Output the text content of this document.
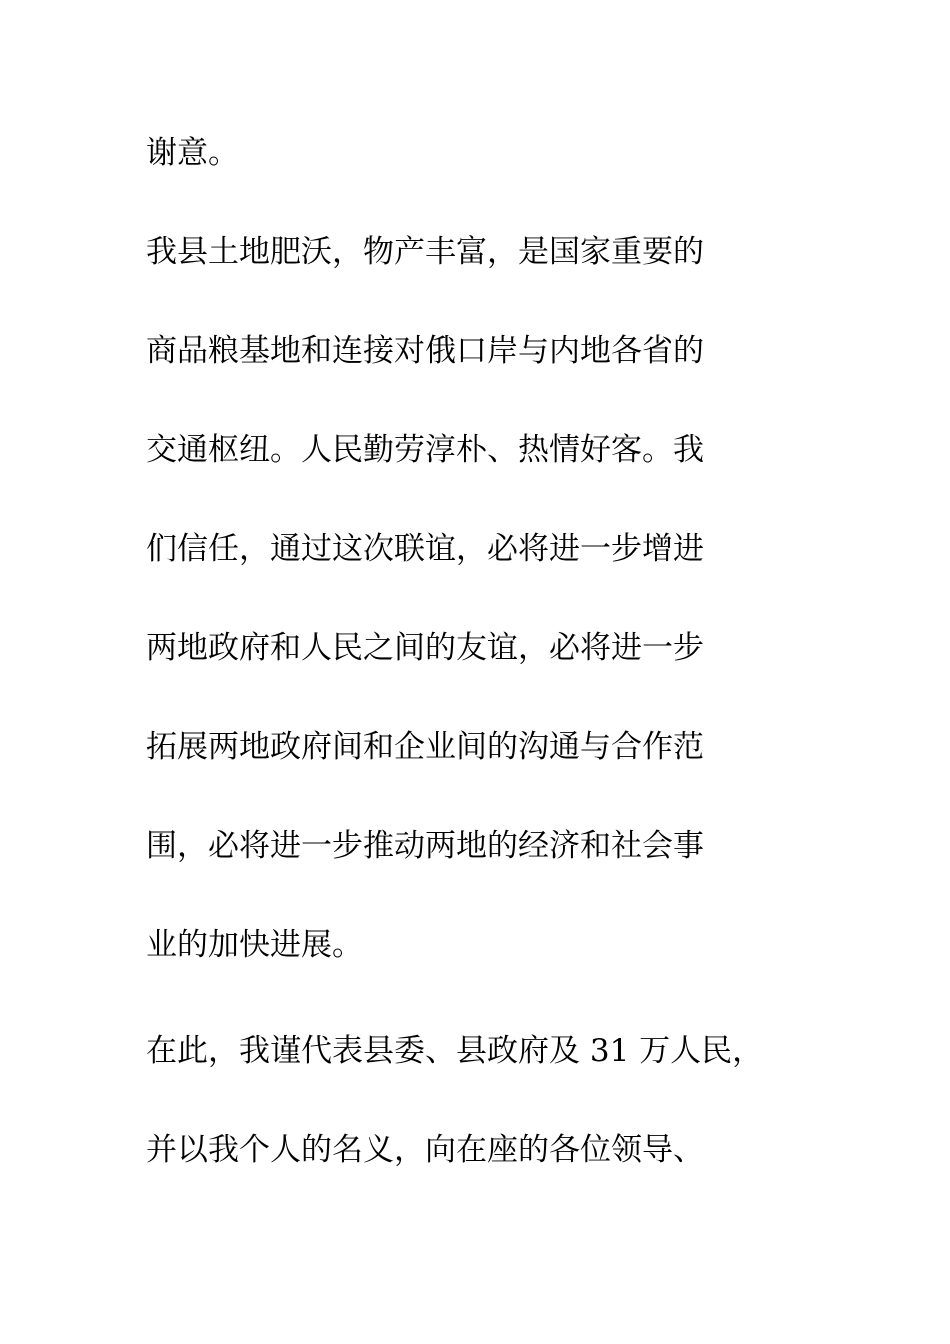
谢意。
我县土地肥沃，物产丰富，是国家重要的
商品粮基地和连接对俄口岸与内地各省的
交通枢纽。人民勤劳淳朴、热情好客。我
们信任，通过这次联谊，必将进一步增进
两地政府和人民之间的友谊，必将进一步
拓展两地政府间和企业间的沟通与合作范
围，必将进一步推动两地的经济和社会事
业的加快进展。
在此，我谨代表县委、县政府及 31 万人民，
并以我个人的名义，向在座的各位领导、
